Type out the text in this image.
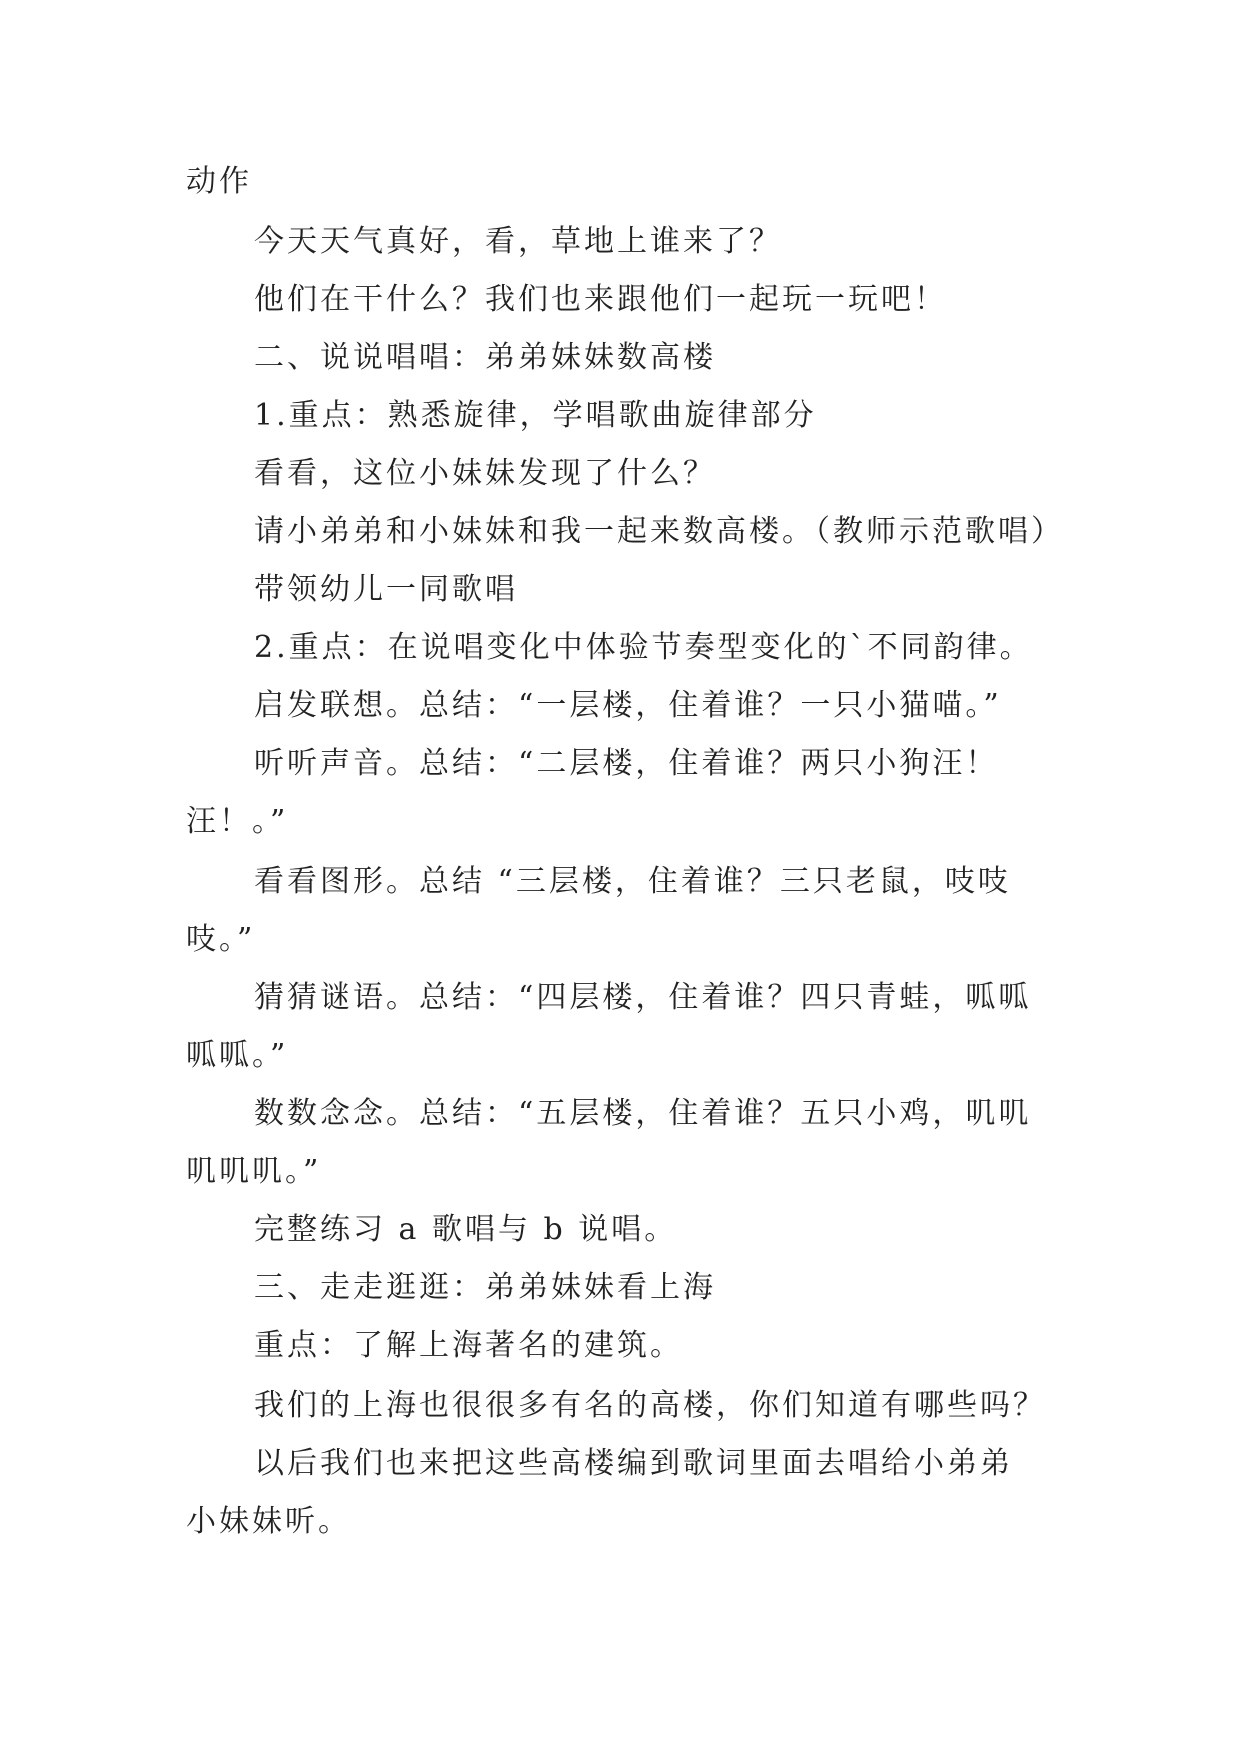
动作

今天天气真好，看，草地上谁来了？

他们在干什么？我们也来跟他们一起玩一玩吧！

二、说说唱唱：弟弟妹妹数高楼

1.重点：熟悉旋律，学唱歌曲旋律部分

看看，这位小妹妹发现了什么？

请小弟弟和小妹妹和我一起来数高楼。（教师示范歌唱）

带领幼儿一同歌唱

2.重点：在说唱变化中体验节奏型变化的`不同韵律。

启发联想。总结：“一层楼，住着谁？一只小猫喵。”

听听声音。总结：“二层楼，住着谁？两只小狗汪！

汪！。”

看看图形。总结 “三层楼，住着谁？三只老鼠，吱吱

吱。”

猜猜谜语。总结：“四层楼，住着谁？四只青蛙，呱呱

呱呱。”

数数念念。总结：“五层楼，住着谁？五只小鸡，叽叽

叽叽叽。”

完整练习 a 歌唱与 b 说唱。

三、走走逛逛：弟弟妹妹看上海

重点：了解上海著名的建筑。

我们的上海也很很多有名的高楼，你们知道有哪些吗？

以后我们也来把这些高楼编到歌词里面去唱给小弟弟

小妹妹听。
